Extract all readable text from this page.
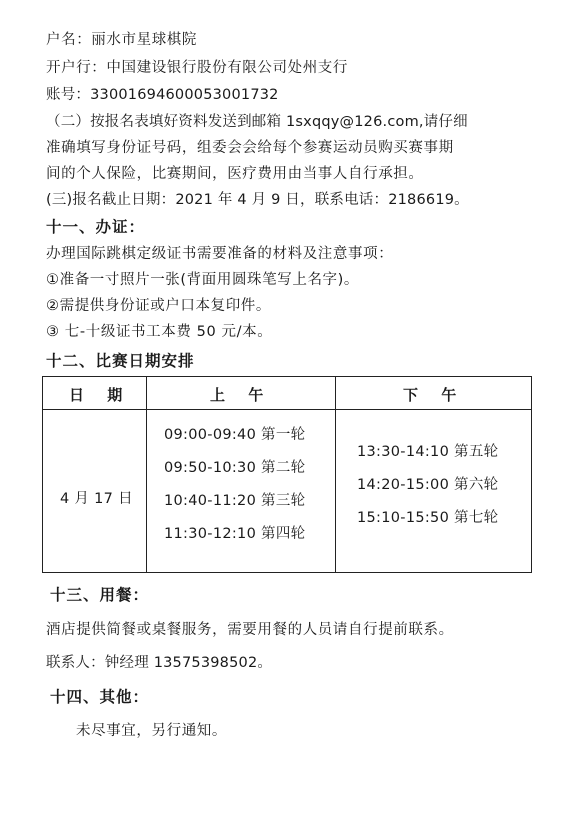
户名：丽水市星球棋院
开户行：中国建设银行股份有限公司处州支行
账号：33001694600053001732
（二）按报名表填好资料发送到邮箱 1sxqqy@126.com,请仔细
准确填写身份证号码，组委会会给每个参赛运动员购买赛事期
间的个人保险，比赛期间，医疗费用由当事人自行承担。
(三)报名截止日期：2021 年 4 月 9 日，联系电话：2186619。
十一、办证：
办理国际跳棋定级证书需要准备的材料及注意事项：
①准备一寸照片一张(背面用圆珠笔写上名字)。
②需提供身份证或户口本复印件。
③ 七-十级证书工本费 50 元/本。
十二、比赛日期安排
日　 期	上　 午	下　 午
4 月 17 日
09:00-09:40 第一轮
09:50-10:30 第二轮
10:40-11:20 第三轮
11:30-12:10 第四轮
13:30-14:10 第五轮
14:20-15:00 第六轮
15:10-15:50 第七轮
十三、用餐：
酒店提供简餐或桌餐服务，需要用餐的人员请自行提前联系。
联系人：钟经理 13575398502。
十四、其他：
未尽事宜，另行通知。
